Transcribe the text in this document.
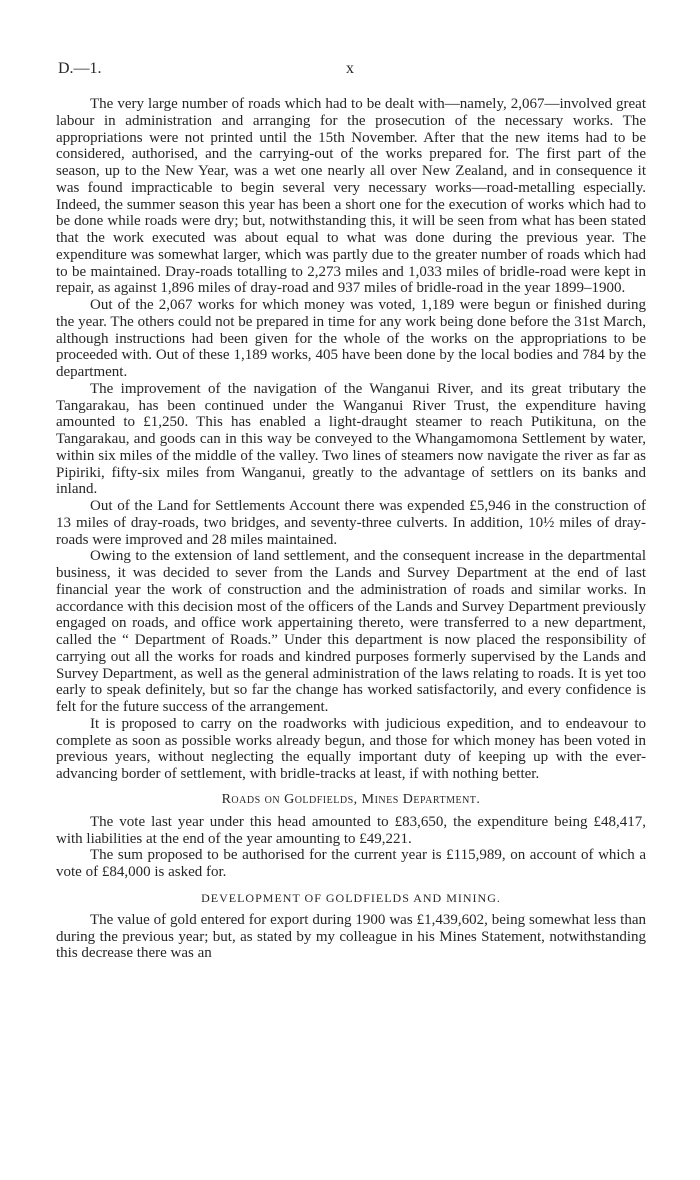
D.—1.	x

The very large number of roads which had to be dealt with—namely, 2,067—involved great labour in administration and arranging for the prosecution of the necessary works. The appropriations were not printed until the 15th November. After that the new items had to be considered, authorised, and the carrying-out of the works prepared for. The first part of the season, up to the New Year, was a wet one nearly all over New Zealand, and in consequence it was found impracticable to begin several very necessary works—road-metalling especially. Indeed, the summer season this year has been a short one for the execution of works which had to be done while roads were dry; but, notwithstanding this, it will be seen from what has been stated that the work executed was about equal to what was done during the previous year. The expenditure was somewhat larger, which was partly due to the greater number of roads which had to be maintained. Dray-roads totalling to 2,273 miles and 1,033 miles of bridle-road were kept in repair, as against 1,896 miles of dray-road and 937 miles of bridle-road in the year 1899–1900.

Out of the 2,067 works for which money was voted, 1,189 were begun or finished during the year. The others could not be prepared in time for any work being done before the 31st March, although instructions had been given for the whole of the works on the appropriations to be proceeded with. Out of these 1,189 works, 405 have been done by the local bodies and 784 by the department.

The improvement of the navigation of the Wanganui River, and its great tributary the Tangarakau, has been continued under the Wanganui River Trust, the expenditure having amounted to £1,250. This has enabled a light-draught steamer to reach Putikituna, on the Tangarakau, and goods can in this way be conveyed to the Whangamomona Settlement by water, within six miles of the middle of the valley. Two lines of steamers now navigate the river as far as Pipiriki, fifty-six miles from Wanganui, greatly to the advantage of settlers on its banks and inland.

Out of the Land for Settlements Account there was expended £5,946 in the construction of 13 miles of dray-roads, two bridges, and seventy-three culverts. In addition, 10½ miles of dray-roads were improved and 28 miles maintained.

Owing to the extension of land settlement, and the consequent increase in the departmental business, it was decided to sever from the Lands and Survey Department at the end of last financial year the work of construction and the administration of roads and similar works. In accordance with this decision most of the officers of the Lands and Survey Department previously engaged on roads, and office work appertaining thereto, were transferred to a new department, called the “ Department of Roads.” Under this department is now placed the responsibility of carrying out all the works for roads and kindred purposes formerly supervised by the Lands and Survey Department, as well as the general administration of the laws relating to roads. It is yet too early to speak definitely, but so far the change has worked satisfactorily, and every confidence is felt for the future success of the arrangement.

It is proposed to carry on the roadworks with judicious expedition, and to endeavour to complete as soon as possible works already begun, and those for which money has been voted in previous years, without neglecting the equally important duty of keeping up with the ever-advancing border of settlement, with bridle-tracks at least, if with nothing better.

Roads on Goldfields, Mines Department.

The vote last year under this head amounted to £83,650, the expenditure being £48,417, with liabilities at the end of the year amounting to £49,221.

The sum proposed to be authorised for the current year is £115,989, on account of which a vote of £84,000 is asked for.

DEVELOPMENT OF GOLDFIELDS AND MINING.

The value of gold entered for export during 1900 was £1,439,602, being somewhat less than during the previous year; but, as stated by my colleague in his Mines Statement, notwithstanding this decrease there was an
